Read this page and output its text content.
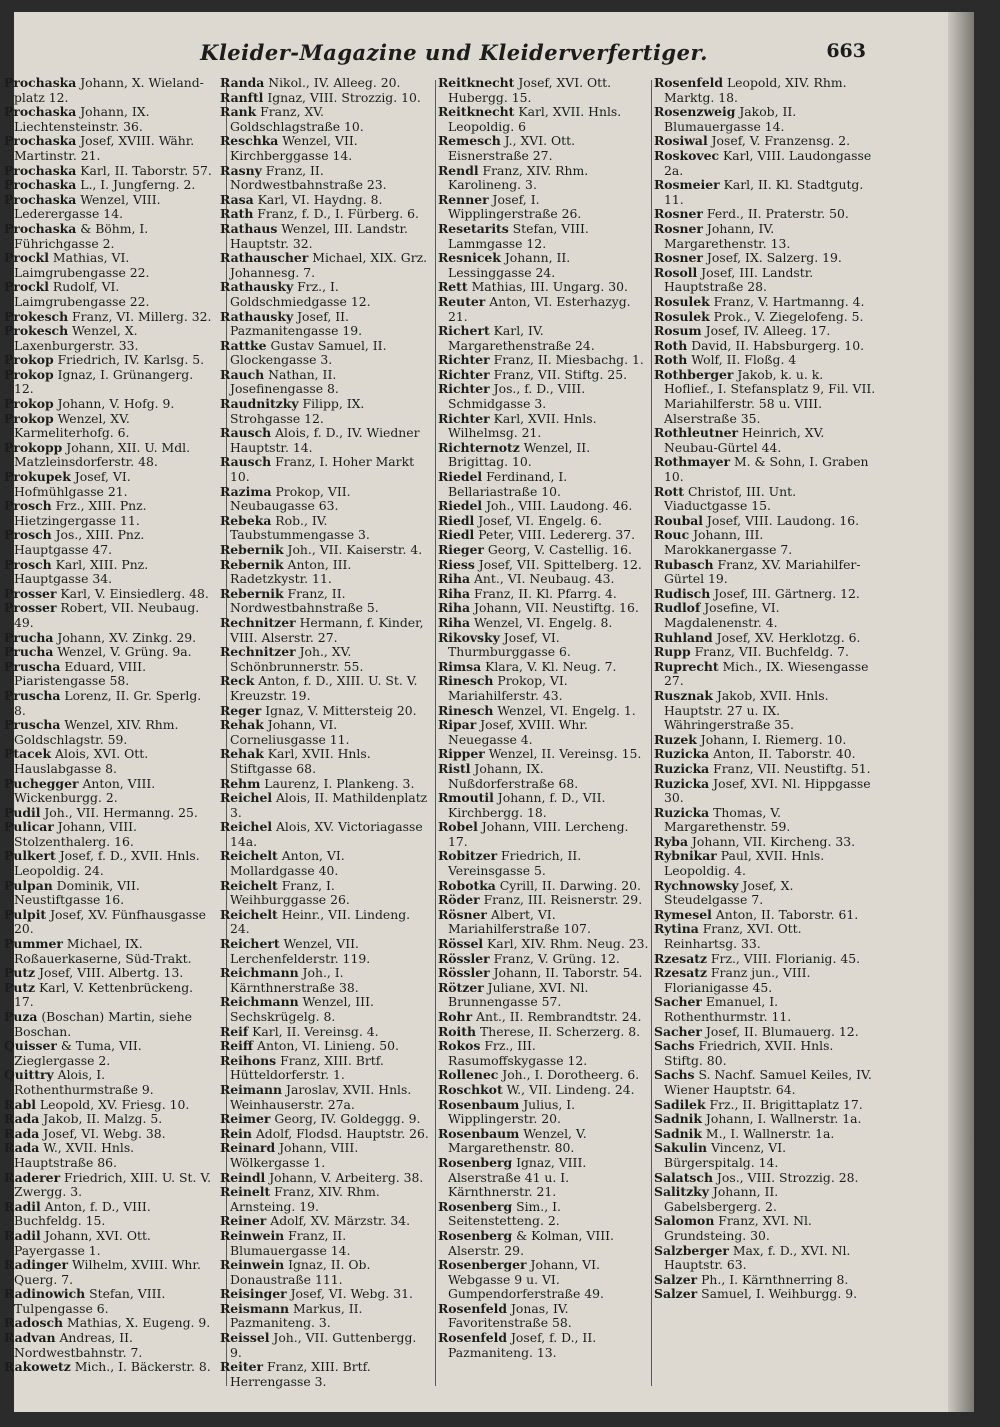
Kleider-Magazine und Kleiderverfertiger.	663

Prochaska Johann, X. Wieland-platz 12.

Prochaska Johann, IX. Liechtensteinstr. 36.

Prochaska Josef, XVIII. Währ. Martinstr. 21.

Prochaska Karl, II. Taborstr. 57.

Prochaska L., I. Jungferng. 2.

Prochaska Wenzel, VIII. Lederergasse 14.

Prochaska & Böhm, I. Führichgasse 2.

Prockl Mathias, VI. Laimgrubengasse 22.

Prockl Rudolf, VI. Laimgrubengasse 22.

Prokesch Franz, VI. Millerg. 32.

Prokesch Wenzel, X. Laxenburgerstr. 33.

Prokop Friedrich, IV. Karlsg. 5.

Prokop Ignaz, I. Grünangerg. 12.

Prokop Johann, V. Hofg. 9.

Prokop Wenzel, XV. Karmeliterhofg. 6.

Prokopp Johann, XII. U. Mdl. Matzleinsdorferstr. 48.

Prokupek Josef, VI. Hofmühlgasse 21.

Prosch Frz., XIII. Pnz. Hietzingergasse 11.

Prosch Jos., XIII. Pnz. Hauptgasse 47.

Prosch Karl, XIII. Pnz. Hauptgasse 34.

Prosser Karl, V. Einsiedlerg. 48.

Prosser Robert, VII. Neubaug. 49.

Prucha Johann, XV. Zinkg. 29.

Prucha Wenzel, V. Grüng. 9a.

Pruscha Eduard, VIII. Piaristengasse 58.

Pruscha Lorenz, II. Gr. Sperlg. 8.

Pruscha Wenzel, XIV. Rhm. Goldschlagstr. 59.

Ptacek Alois, XVI. Ott. Hauslabgasse 8.

Puchegger Anton, VIII. Wickenburgg. 2.

Pudil Joh., VII. Hermanng. 25.

Pulicar Johann, VIII. Stolzenthalerg. 16.

Pulkert Josef, f. D., XVII. Hnls. Leopoldig. 24.

Pulpan Dominik, VII. Neustiftgasse 16.

Pulpit Josef, XV. Fünfhausgasse 20.

Pummer Michael, IX. Roßauerkaserne, Süd-Trakt.

Putz Josef, VIII. Albertg. 13.

Putz Karl, V. Kettenbrückeng. 17.

Puza (Boschan) Martin, siehe Boschan.

Quisser & Tuma, VII. Zieglergasse 2.

Quittry Alois, I. Rothenthurmstraße 9.

Rabl Leopold, XV. Friesg. 10.

Rada Jakob, II. Malzg. 5.

Rada Josef, VI. Webg. 38.

Rada W., XVII. Hnls. Hauptstraße 86.

Raderer Friedrich, XIII. U. St. V. Zwergg. 3.

Radil Anton, f. D., VIII. Buchfeldg. 15.

Radil Johann, XVI. Ott. Payergasse 1.

Radinger Wilhelm, XVIII. Whr. Querg. 7.

Radinowich Stefan, VIII. Tulpengasse 6.

Radosch Mathias, X. Eugeng. 9.

Radvan Andreas, II. Nordwestbahnstr. 7.

Rakowetz Mich., I. Bäckerstr. 8.

Randa Nikol., IV. Alleeg. 20.

Ranftl Ignaz, VIII. Strozzig. 10.

Rank Franz, XV. Goldschlagstraße 10.

Reschka Wenzel, VII. Kirchberggasse 14.

Rasny Franz, II. Nordwestbahnstraße 23.

Rasa Karl, VI. Haydng. 8.

Rath Franz, f. D., I. Fürberg. 6.

Rathaus Wenzel, III. Landstr. Hauptstr. 32.

Rathauscher Michael, XIX. Grz. Johannesg. 7.

Rathausky Frz., I. Goldschmiedgasse 12.

Rathausky Josef, II. Pazmanitengasse 19.

Rattke Gustav Samuel, II. Glockengasse 3.

Rauch Nathan, II. Josefinengasse 8.

Raudnitzky Filipp, IX. Strohgasse 12.

Rausch Alois, f. D., IV. Wiedner Hauptstr. 14.

Rausch Franz, I. Hoher Markt 10.

Razima Prokop, VII. Neubaugasse 63.

Rebeka Rob., IV. Taubstummengasse 3.

Rebernik Joh., VII. Kaiserstr. 4.

Rebernik Anton, III. Radetzkystr. 11.

Rebernik Franz, II. Nordwestbahnstraße 5.

Rechnitzer Hermann, f. Kinder, VIII. Alserstr. 27.

Rechnitzer Joh., XV. Schönbrunnerstr. 55.

Reck Anton, f. D., XIII. U. St. V. Kreuzstr. 19.

Reger Ignaz, V. Mittersteig 20.

Rehak Johann, VI. Corneliusgasse 11.

Rehak Karl, XVII. Hnls. Stiftgasse 68.

Rehm Laurenz, I. Plankeng. 3.

Reichel Alois, II. Mathildenplatz 3.

Reichel Alois, XV. Victoriagasse 14a.

Reichelt Anton, VI. Mollardgasse 40.

Reichelt Franz, I. Weihburggasse 26.

Reichelt Heinr., VII. Lindeng. 24.

Reichert Wenzel, VII. Lerchenfelderstr. 119.

Reichmann Joh., I. Kärnthnerstraße 38.

Reichmann Wenzel, III. Sechskrügelg. 8.

Reif Karl, II. Vereinsg. 4.

Reiff Anton, VI. Linieng. 50.

Reihons Franz, XIII. Brtf. Hütteldorferstr. 1.

Reimann Jaroslav, XVII. Hnls. Weinhauserstr. 27a.

Reimer Georg, IV. Goldeggg. 9.

Rein Adolf, Flodsd. Hauptstr. 26.

Reinard Johann, VIII. Wölkergasse 1.

Reindl Johann, V. Arbeiterg. 38.

Reinelt Franz, XIV. Rhm. Arnsteing. 19.

Reiner Adolf, XV. Märzstr. 34.

Reinwein Franz, II. Blumauergasse 14.

Reinwein Ignaz, II. Ob. Donaustraße 111.

Reisinger Josef, VI. Webg. 31.

Reismann Markus, II. Pazmaniteng. 3.

Reissel Joh., VII. Guttenbergg. 9.

Reiter Franz, XIII. Brtf. Herrengasse 3.

Reitknecht Josef, XVI. Ott. Hubergg. 15.

Reitknecht Karl, XVII. Hnls. Leopoldig. 6

Remesch J., XVI. Ott. Eisnerstraße 27.

Rendl Franz, XIV. Rhm. Karolineng. 3.

Renner Josef, I. Wipplingerstraße 26.

Resetarits Stefan, VIII. Lammgasse 12.

Resnicek Johann, II. Lessinggasse 24.

Rett Mathias, III. Ungarg. 30.

Reuter Anton, VI. Esterhazyg. 21.

Richert Karl, IV. Margarethenstraße 24.

Richter Franz, II. Miesbachg. 1.

Richter Franz, VII. Stiftg. 25.

Richter Jos., f. D., VIII. Schmidgasse 3.

Richter Karl, XVII. Hnls. Wilhelmsg. 21.

Richternotz Wenzel, II. Brigittag. 10.

Riedel Ferdinand, I. Bellariastraße 10.

Riedel Joh., VIII. Laudong. 46.

Riedl Josef, VI. Engelg. 6.

Riedl Peter, VIII. Ledererg. 37.

Rieger Georg, V. Castellig. 16.

Riess Josef, VII. Spittelberg. 12.

Riha Ant., VI. Neubaug. 43.

Riha Franz, II. Kl. Pfarrg. 4.

Riha Johann, VII. Neustiftg. 16.

Riha Wenzel, VI. Engelg. 8.

Rikovsky Josef, VI. Thurmburggasse 6.

Rimsa Klara, V. Kl. Neug. 7.

Rinesch Prokop, VI. Mariahilferstr. 43.

Rinesch Wenzel, VI. Engelg. 1.

Ripar Josef, XVIII. Whr. Neuegasse 4.

Ripper Wenzel, II. Vereinsg. 15.

Ristl Johann, IX. Nußdorferstraße 68.

Rmoutil Johann, f. D., VII. Kirchbergg. 18.

Robel Johann, VIII. Lercheng. 17.

Robitzer Friedrich, II. Vereinsgasse 5.

Robotka Cyrill, II. Darwing. 20.

Röder Franz, III. Reisnerstr. 29.

Rösner Albert, VI. Mariahilferstraße 107.

Rössel Karl, XIV. Rhm. Neug. 23.

Rössler Franz, V. Grüng. 12.

Rössler Johann, II. Taborstr. 54.

Rötzer Juliane, XVI. Nl. Brunnengasse 57.

Rohr Ant., II. Rembrandtstr. 24.

Roith Therese, II. Scherzerg. 8.

Rokos Frz., III. Rasumoffskygasse 12.

Rollenec Joh., I. Dorotheerg. 6.

Roschkot W., VII. Lindeng. 24.

Rosenbaum Julius, I. Wipplingerstr. 20.

Rosenbaum Wenzel, V. Margarethenstr. 80.

Rosenberg Ignaz, VIII. Alserstraße 41 u. I. Kärnthnerstr. 21.

Rosenberg Sim., I. Seitenstetteng. 2.

Rosenberg & Kolman, VIII. Alserstr. 29.

Rosenberger Johann, VI. Webgasse 9 u. VI. Gumpendorferstraße 49.

Rosenfeld Jonas, IV. Favoritenstraße 58.

Rosenfeld Josef, f. D., II. Pazmaniteng. 13.

Rosenfeld Leopold, XIV. Rhm. Marktg. 18.

Rosenzweig Jakob, II. Blumauergasse 14.

Rosiwal Josef, V. Franzensg. 2.

Roskovec Karl, VIII. Laudongasse 2a.

Rosmeier Karl, II. Kl. Stadtgutg. 11.

Rosner Ferd., II. Praterstr. 50.

Rosner Johann, IV. Margarethenstr. 13.

Rosner Josef, IX. Salzerg. 19.

Rosoll Josef, III. Landstr. Hauptstraße 28.

Rosulek Franz, V. Hartmanng. 4.

Rosulek Prok., V. Ziegelofeng. 5.

Rosum Josef, IV. Alleeg. 17.

Roth David, II. Habsburgerg. 10.

Roth Wolf, II. Floßg. 4

Rothberger Jakob, k. u. k. Hoflief., I. Stefansplatz 9, Fil. VII. Mariahilferstr. 58 u. VIII. Alserstraße 35.

Rothleutner Heinrich, XV. Neubau-Gürtel 44.

Rothmayer M. & Sohn, I. Graben 10.

Rott Christof, III. Unt. Viaductgasse 15.

Roubal Josef, VIII. Laudong. 16.

Rouc Johann, III. Marokkanergasse 7.

Rubasch Franz, XV. Mariahilfer-Gürtel 19.

Rudisch Josef, III. Gärtnerg. 12.

Rudlof Josefine, VI. Magdalenenstr. 4.

Ruhland Josef, XV. Herklotzg. 6.

Rupp Franz, VII. Buchfeldg. 7.

Ruprecht Mich., IX. Wiesengasse 27.

Rusznak Jakob, XVII. Hnls. Hauptstr. 27 u. IX. Währingerstraße 35.

Ruzek Johann, I. Riemerg. 10.

Ruzicka Anton, II. Taborstr. 40.

Ruzicka Franz, VII. Neustiftg. 51.

Ruzicka Josef, XVI. Nl. Hippgasse 30.

Ruzicka Thomas, V. Margarethenstr. 59.

Ryba Johann, VII. Kircheng. 33.

Rybnikar Paul, XVII. Hnls. Leopoldig. 4.

Rychnowsky Josef, X. Steudelgasse 7.

Rymesel Anton, II. Taborstr. 61.

Rytina Franz, XVI. Ott. Reinhartsg. 33.

Rzesatz Frz., VIII. Florianig. 45.

Rzesatz Franz jun., VIII. Florianigasse 45.

Sacher Emanuel, I. Rothenthurmstr. 11.

Sacher Josef, II. Blumauerg. 12.

Sachs Friedrich, XVII. Hnls. Stiftg. 80.

Sachs S. Nachf. Samuel Keiles, IV. Wiener Hauptstr. 64.

Sadilek Frz., II. Brigittaplatz 17.

Sadnik Johann, I. Wallnerstr. 1a.

Sadnik M., I. Wallnerstr. 1a.

Sakulin Vincenz, VI. Bürgerspitalg. 14.

Salatsch Jos., VIII. Strozzig. 28.

Salitzky Johann, II. Gabelsbergerg. 2.

Salomon Franz, XVI. Nl. Grundsteing. 30.

Salzberger Max, f. D., XVI. Nl. Hauptstr. 63.

Salzer Ph., I. Kärnthnerring 8.

Salzer Samuel, I. Weihburgg. 9.
